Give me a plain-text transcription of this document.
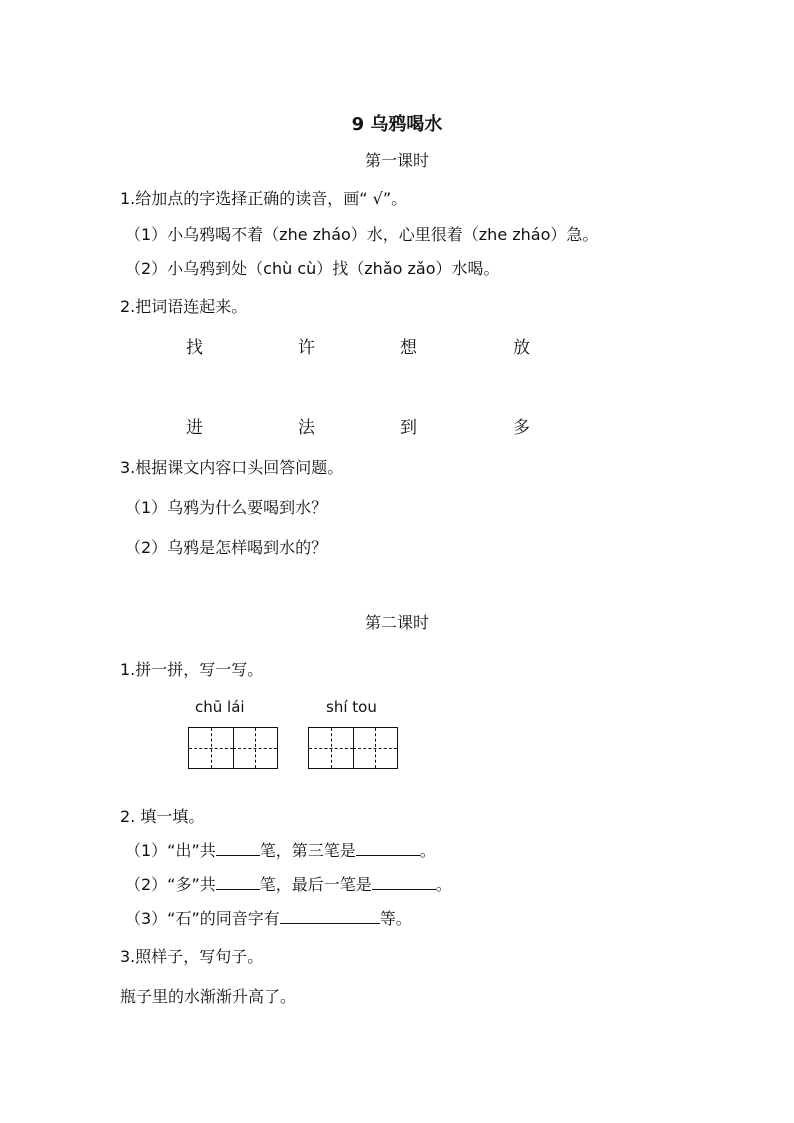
9 乌鸦喝水
第一课时
1.给加点的字选择正确的读音，画“ √”。
（1）小乌鸦喝不着（zhe zháo）水，心里很着（zhe zháo）急。
（2）小乌鸦到处（chù cù）找（zhǎo zǎo）水喝。
2.把词语连起来。
找	许	想	放
进	法	到	多
3.根据课文内容口头回答问题。
（1）乌鸦为什么要喝到水？
（2）乌鸦是怎样喝到水的？
第二课时
1.拼一拼，写一写。
chū lái	shí tou
2. 填一填。
（1）“出”共	笔，第三笔是	。
（2）“多”共	笔，最后一笔是	。
（3）“石”的同音字有	等。
3.照样子，写句子。
瓶子里的水渐渐升高了。
